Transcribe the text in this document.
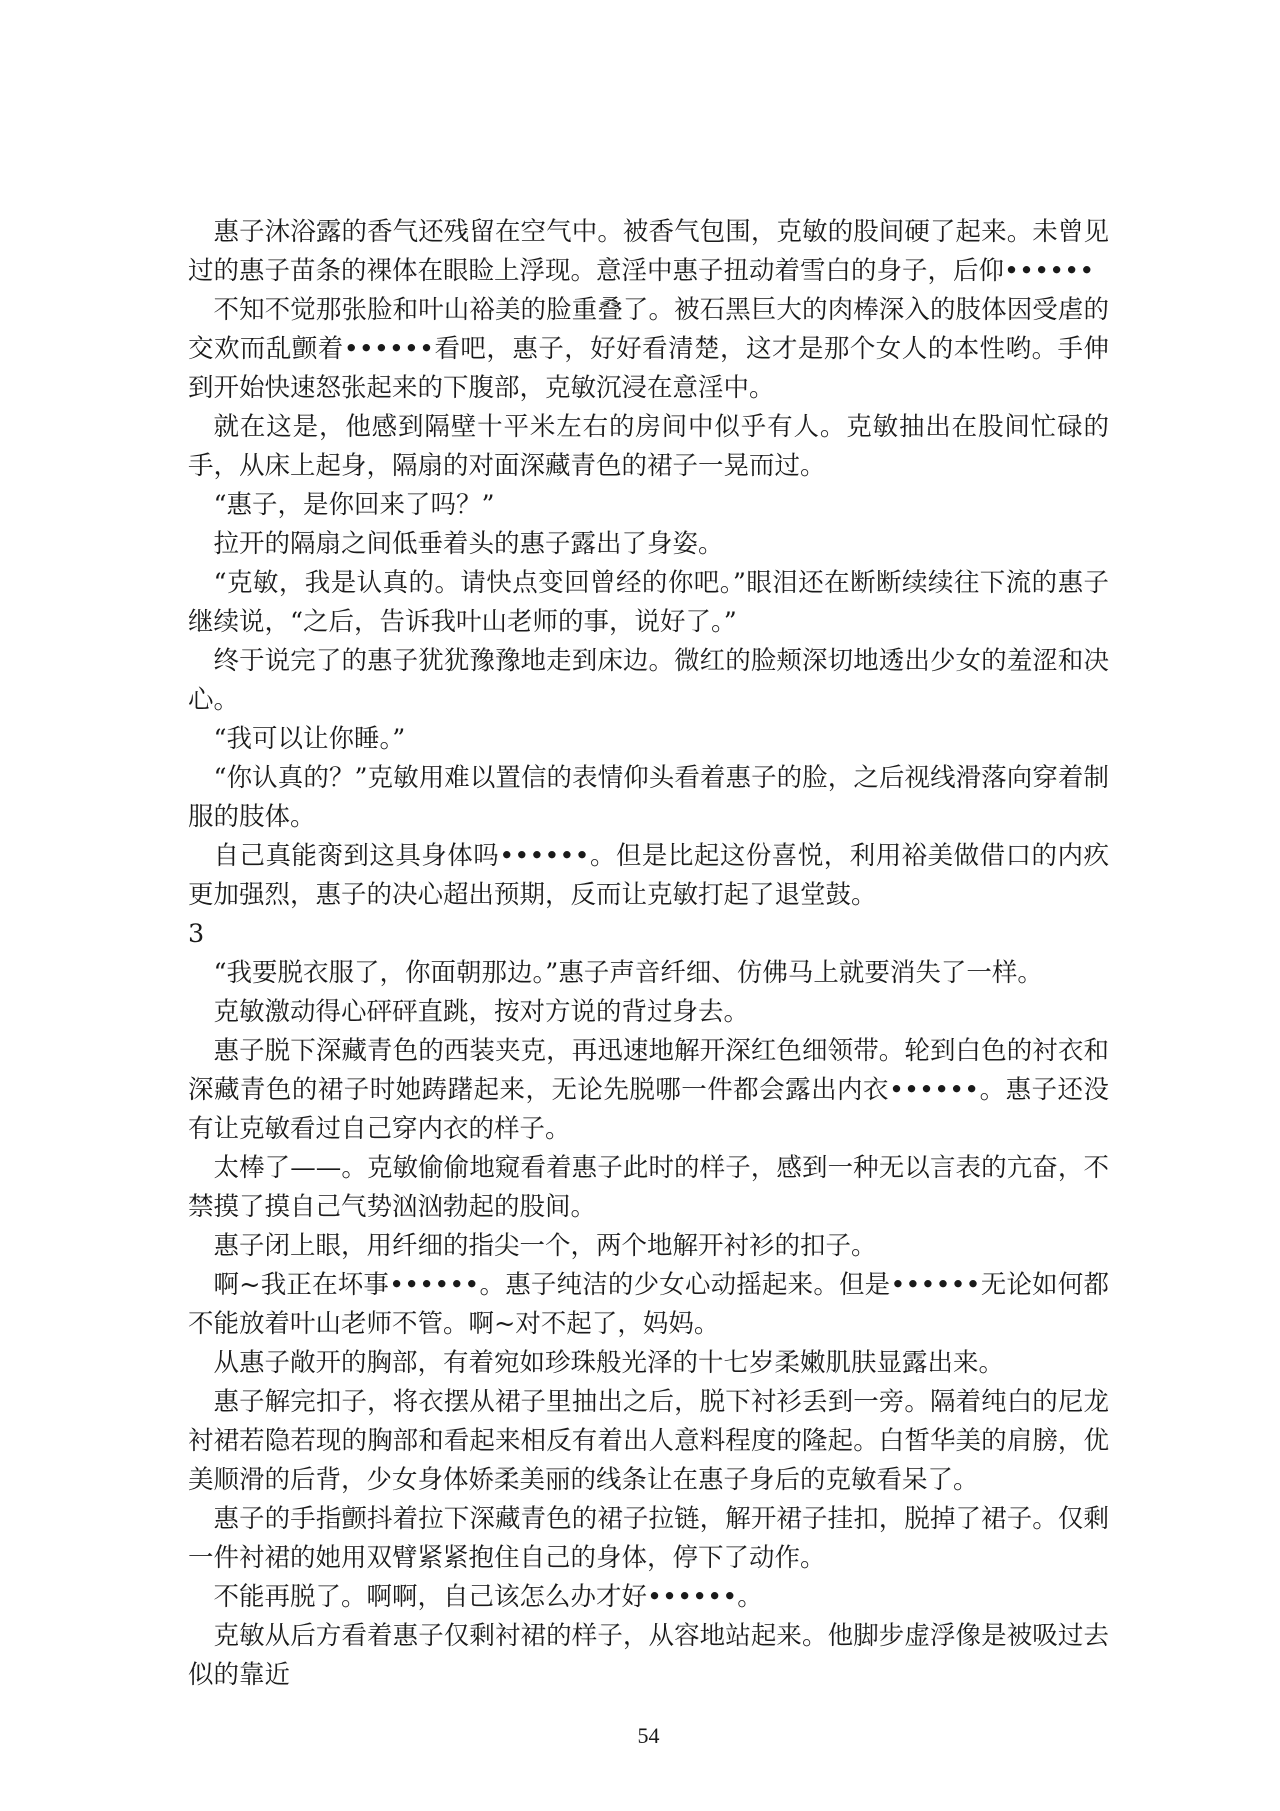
惠子沐浴露的香气还残留在空气中。被香气包围，克敏的股间硬了起来。未曾见过的惠子苗条的裸体在眼睑上浮现。意淫中惠子扭动着雪白的身子，后仰••••••

不知不觉那张脸和叶山裕美的脸重叠了。被石黑巨大的肉棒深入的肢体因受虐的交欢而乱颤着••••••看吧，惠子，好好看清楚，这才是那个女人的本性哟。手伸到开始快速怒张起来的下腹部，克敏沉浸在意淫中。

就在这是，他感到隔壁十平米左右的房间中似乎有人。克敏抽出在股间忙碌的手，从床上起身，隔扇的对面深藏青色的裙子一晃而过。

“惠子，是你回来了吗？”

拉开的隔扇之间低垂着头的惠子露出了身姿。

“克敏，我是认真的。请快点变回曾经的你吧。”眼泪还在断断续续往下流的惠子继续说，“之后，告诉我叶山老师的事，说好了。”

终于说完了的惠子犹犹豫豫地走到床边。微红的脸颊深切地透出少女的羞涩和决心。

“我可以让你睡。”

“你认真的？”克敏用难以置信的表情仰头看着惠子的脸，之后视线滑落向穿着制服的肢体。

自己真能脔到这具身体吗••••••。但是比起这份喜悦，利用裕美做借口的内疚更加强烈，惠子的决心超出预期，反而让克敏打起了退堂鼓。

3

“我要脱衣服了，你面朝那边。”惠子声音纤细、仿佛马上就要消失了一样。

克敏激动得心砰砰直跳，按对方说的背过身去。

惠子脱下深藏青色的西装夹克，再迅速地解开深红色细领带。轮到白色的衬衣和深藏青色的裙子时她踌躇起来，无论先脱哪一件都会露出内衣••••••。惠子还没有让克敏看过自己穿内衣的样子。

太棒了——。克敏偷偷地窥看着惠子此时的样子，感到一种无以言表的亢奋，不禁摸了摸自己气势汹汹勃起的股间。

惠子闭上眼，用纤细的指尖一个，两个地解开衬衫的扣子。

啊~我正在坏事••••••。惠子纯洁的少女心动摇起来。但是••••••无论如何都不能放着叶山老师不管。啊~对不起了，妈妈。

从惠子敞开的胸部，有着宛如珍珠般光泽的十七岁柔嫩肌肤显露出来。

惠子解完扣子，将衣摆从裙子里抽出之后，脱下衬衫丢到一旁。隔着纯白的尼龙衬裙若隐若现的胸部和看起来相反有着出人意料程度的隆起。白皙华美的肩膀，优美顺滑的后背，少女身体娇柔美丽的线条让在惠子身后的克敏看呆了。

惠子的手指颤抖着拉下深藏青色的裙子拉链，解开裙子挂扣，脱掉了裙子。仅剩一件衬裙的她用双臂紧紧抱住自己的身体，停下了动作。

不能再脱了。啊啊，自己该怎么办才好••••••。

克敏从后方看着惠子仅剩衬裙的样子，从容地站起来。他脚步虚浮像是被吸过去似的靠近

54
